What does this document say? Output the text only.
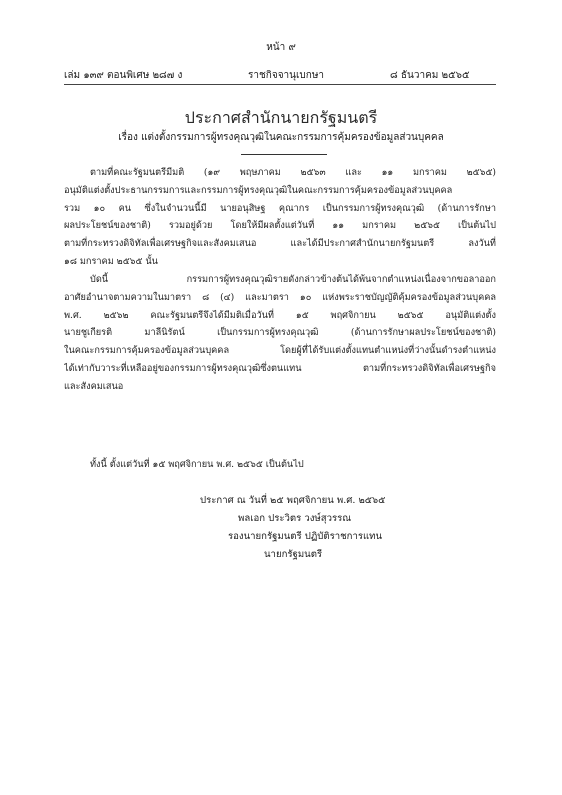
หน้า ๙
เล่ม ๑๓๙ ตอนพิเศษ ๒๘๗ ง	ราชกิจจานุเบกษา	๘ ธันวาคม ๒๕๖๕
ประกาศสำนักนายกรัฐมนตรี
เรื่อง แต่งตั้งกรรมการผู้ทรงคุณวุฒิในคณะกรรมการคุ้มครองข้อมูลส่วนบุคคล
ตามที่คณะรัฐมนตรีมีมติ (๑๙ พฤษภาคม ๒๕๖๓ และ ๑๑ มกราคม ๒๕๖๕)
อนุมัติแต่งตั้งประธานกรรมการและกรรมการผู้ทรงคุณวุฒิในคณะกรรมการคุ้มครองข้อมูลส่วนบุคคล
รวม ๑๐ คน ซึ่งในจำนวนนี้มี นายอนุสิษฐ คุณากร เป็นกรรมการผู้ทรงคุณวุฒิ (ด้านการรักษา
ผลประโยชน์ของชาติ) รวมอยู่ด้วย โดยให้มีผลตั้งแต่วันที่ ๑๑ มกราคม ๒๕๖๕ เป็นต้นไป
ตามที่กระทรวงดิจิทัลเพื่อเศรษฐกิจและสังคมเสนอ และได้มีประกาศสำนักนายกรัฐมนตรี ลงวันที่
๑๘ มกราคม ๒๕๖๕ นั้น
บัดนี้ กรรมการผู้ทรงคุณวุฒิรายดังกล่าวข้างต้นได้พ้นจากตำแหน่งเนื่องจากขอลาออก
อาศัยอำนาจตามความในมาตรา ๘ (๔) และมาตรา ๑๐ แห่งพระราชบัญญัติคุ้มครองข้อมูลส่วนบุคคล
พ.ศ. ๒๕๖๒ คณะรัฐมนตรีจึงได้มีมติเมื่อวันที่ ๑๕ พฤศจิกายน ๒๕๖๕ อนุมัติแต่งตั้ง
นายชูเกียรติ มาลีนิรัตน์ เป็นกรรมการผู้ทรงคุณวุฒิ (ด้านการรักษาผลประโยชน์ของชาติ)
ในคณะกรรมการคุ้มครองข้อมูลส่วนบุคคล โดยผู้ที่ได้รับแต่งตั้งแทนตำแหน่งที่ว่างนั้นดำรงตำแหน่ง
ได้เท่ากับวาระที่เหลืออยู่ของกรรมการผู้ทรงคุณวุฒิซึ่งตนแทน ตามที่กระทรวงดิจิทัลเพื่อเศรษฐกิจ
และสังคมเสนอ
ทั้งนี้ ตั้งแต่วันที่ ๑๕ พฤศจิกายน พ.ศ. ๒๕๖๕ เป็นต้นไป
ประกาศ ณ วันที่ ๒๕ พฤศจิกายน พ.ศ. ๒๕๖๕
พลเอก ประวิตร วงษ์สุวรรณ
รองนายกรัฐมนตรี ปฏิบัติราชการแทน
นายกรัฐมนตรี
